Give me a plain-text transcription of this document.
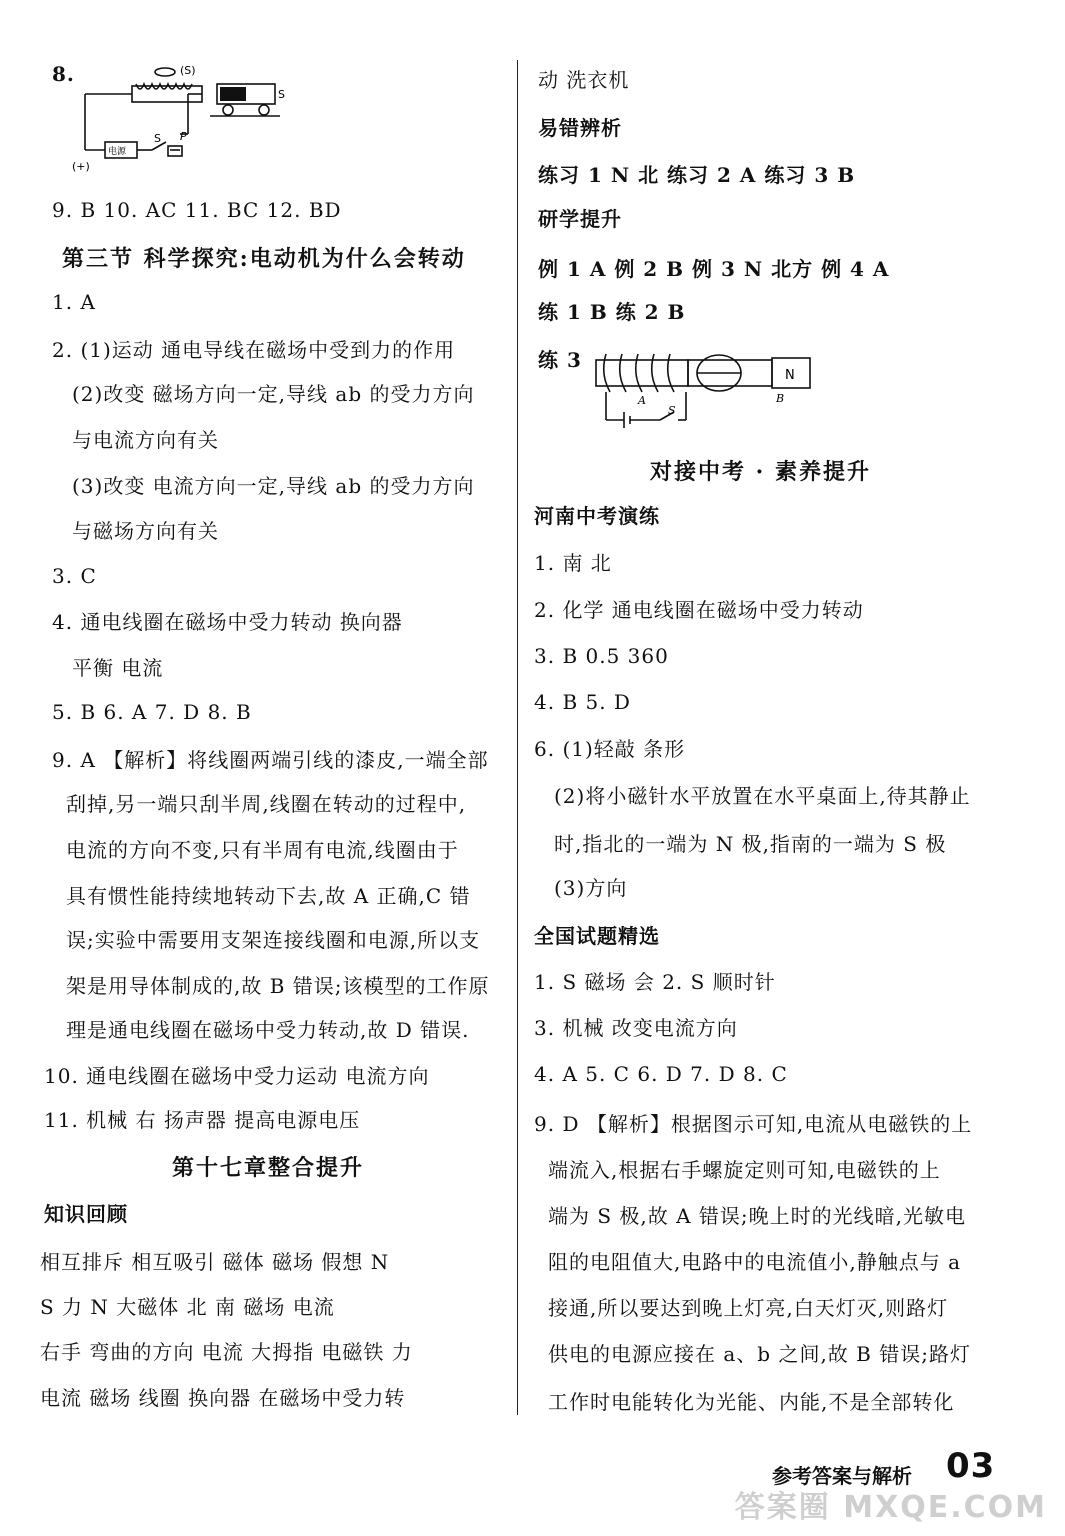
8.	(S)
S
电源
(+)
S P
9. B 10. AC 11. BC 12. BD
第三节 科学探究:电动机为什么会转动
1. A
2. (1)运动 通电导线在磁场中受到力的作用
(2)改变 磁场方向一定,导线 ab 的受力方向
与电流方向有关
(3)改变 电流方向一定,导线 ab 的受力方向
与磁场方向有关
3. C
4. 通电线圈在磁场中受力转动 换向器
平衡 电流
5. B 6. A 7. D 8. B
9. A 【解析】将线圈两端引线的漆皮,一端全部
刮掉,另一端只刮半周,线圈在转动的过程中,
电流的方向不变,只有半周有电流,线圈由于
具有惯性能持续地转动下去,故 A 正确,C 错
误;实验中需要用支架连接线圈和电源,所以支
架是用导体制成的,故 B 错误;该模型的工作原
理是通电线圈在磁场中受力转动,故 D 错误.
10. 通电线圈在磁场中受力运动 电流方向
11. 机械 右 扬声器 提高电源电压
第十七章整合提升
知识回顾
相互排斥 相互吸引 磁体 磁场 假想 N
S 力 N 大磁体 北 南 磁场 电流
右手 弯曲的方向 电流 大拇指 电磁铁 力
电流 磁场 线圈 换向器 在磁场中受力转
动 洗衣机
易错辨析
练习 1 N 北 练习 2 A 练习 3 B
研学提升
例 1 A 例 2 B 例 3 N 北方 例 4 A
练 1 B 练 2 B
练 3
N
A	B
S
对接中考 · 素养提升
河南中考演练
1. 南 北
2. 化学 通电线圈在磁场中受力转动
3. B 0.5 360
4. B 5. D
6. (1)轻敲 条形
(2)将小磁针水平放置在水平桌面上,待其静止
时,指北的一端为 N 极,指南的一端为 S 极
(3)方向
全国试题精选
1. S 磁场 会 2. S 顺时针
3. 机械 改变电流方向
4. A 5. C 6. D 7. D 8. C
9. D 【解析】根据图示可知,电流从电磁铁的上
端流入,根据右手螺旋定则可知,电磁铁的上
端为 S 极,故 A 错误;晚上时的光线暗,光敏电
阻的电阻值大,电路中的电流值小,静触点与 a
接通,所以要达到晚上灯亮,白天灯灭,则路灯
供电的电源应接在 a、b 之间,故 B 错误;路灯
工作时电能转化为光能、内能,不是全部转化
参考答案与解析 03
答案圈 MXQE.COM
